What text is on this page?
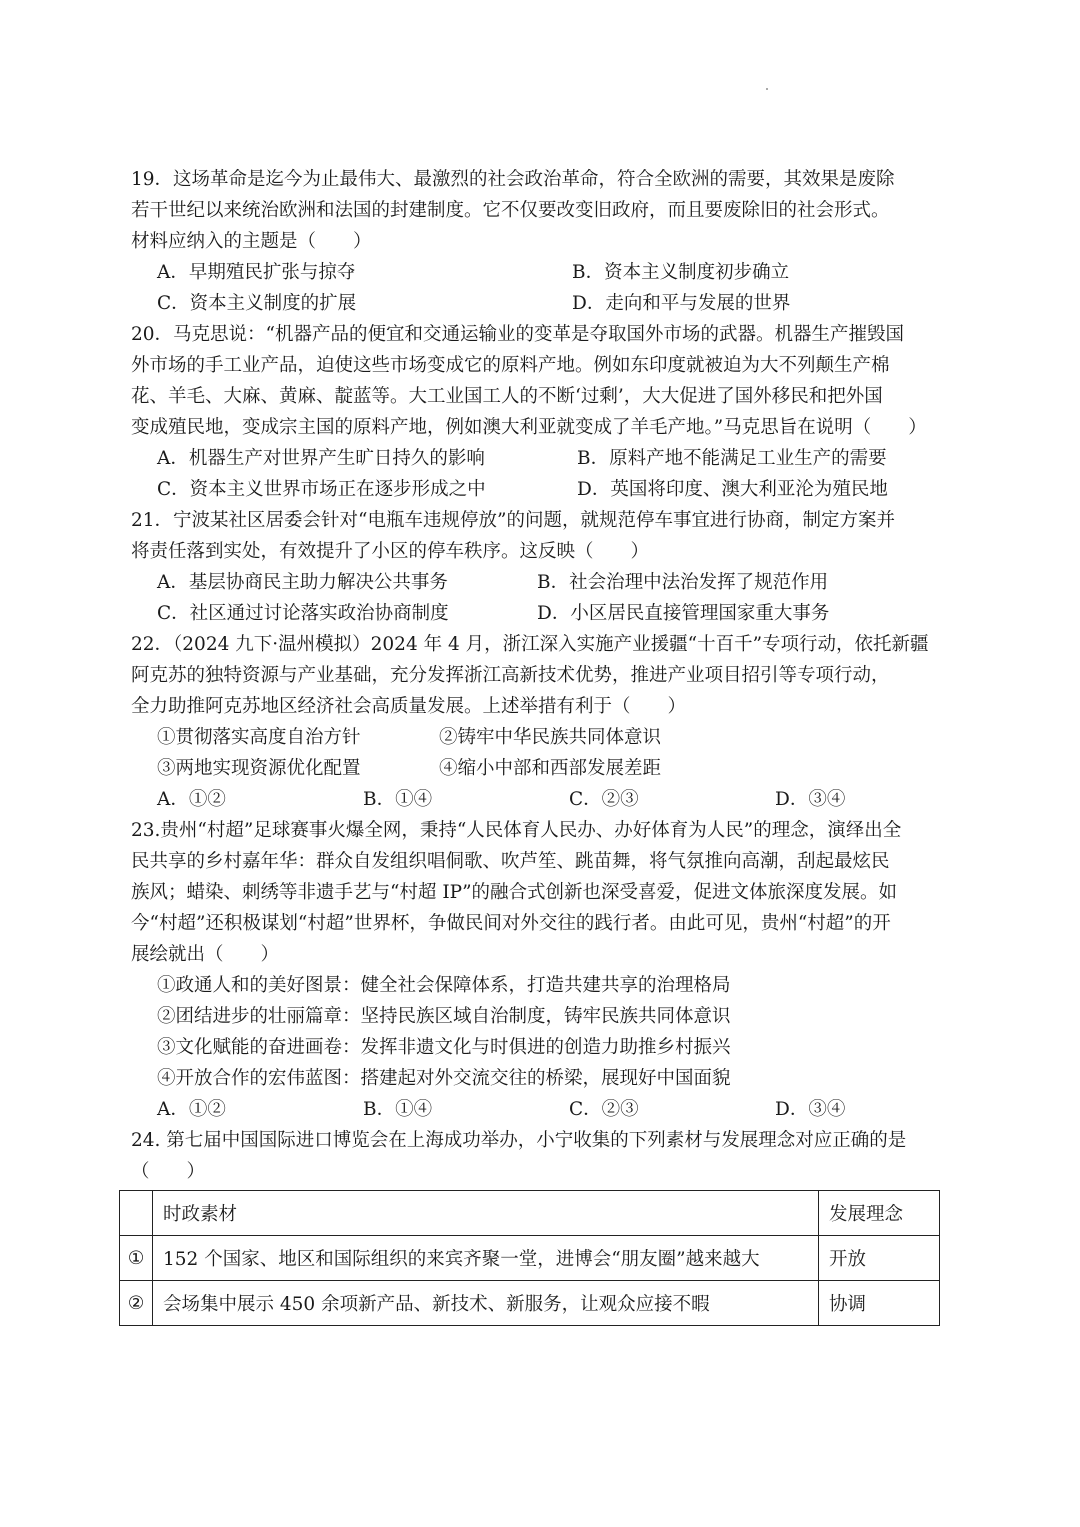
19．这场革命是迄今为止最伟大、最激烈的社会政治革命，符合全欧洲的需要，其效果是废除
若干世纪以来统治欧洲和法国的封建制度。它不仅要改变旧政府，而且要废除旧的社会形式。
材料应纳入的主题是（　　）
A．早期殖民扩张与掠夺	B．资本主义制度初步确立
C．资本主义制度的扩展	D．走向和平与发展的世界
20．马克思说：“机器产品的便宜和交通运输业的变革是夺取国外市场的武器。机器生产摧毁国
外市场的手工业产品，迫使这些市场变成它的原料产地。例如东印度就被迫为大不列颠生产棉
花、羊毛、大麻、黄麻、靛蓝等。大工业国工人的不断‘过剩’，大大促进了国外移民和把外国
变成殖民地，变成宗主国的原料产地，例如澳大利亚就变成了羊毛产地。”马克思旨在说明（　　）
A．机器生产对世界产生旷日持久的影响	B．原料产地不能满足工业生产的需要
C．资本主义世界市场正在逐步形成之中	D．英国将印度、澳大利亚沦为殖民地
21．宁波某社区居委会针对“电瓶车违规停放”的问题，就规范停车事宜进行协商，制定方案并
将责任落到实处，有效提升了小区的停车秩序。这反映（　　）
A．基层协商民主助力解决公共事务	B．社会治理中法治发挥了规范作用
C．社区通过讨论落实政治协商制度	D．小区居民直接管理国家重大事务
22．（2024 九下·温州模拟）2024 年 4 月，浙江深入实施产业援疆“十百千”专项行动，依托新疆
阿克苏的独特资源与产业基础，充分发挥浙江高新技术优势，推进产业项目招引等专项行动，
全力助推阿克苏地区经济社会高质量发展。上述举措有利于（　　）
①贯彻落实高度自治方针	②铸牢中华民族共同体意识
③两地实现资源优化配置	④缩小中部和西部发展差距
A．①②	B．①④	C．②③	D．③④
23.贵州“村超”足球赛事火爆全网，秉持“人民体育人民办、办好体育为人民”的理念，演绎出全
民共享的乡村嘉年华：群众自发组织唱侗歌、吹芦笙、跳苗舞，将气氛推向高潮，刮起最炫民
族风；蜡染、刺绣等非遗手艺与“村超 IP”的融合式创新也深受喜爱，促进文体旅深度发展。如
今“村超”还积极谋划“村超”世界杯，争做民间对外交往的践行者。由此可见，贵州“村超”的开
展绘就出（　　）
①政通人和的美好图景：健全社会保障体系，打造共建共享的治理格局
②团结进步的壮丽篇章：坚持民族区域自治制度，铸牢民族共同体意识
③文化赋能的奋进画卷：发挥非遗文化与时俱进的创造力助推乡村振兴
④开放合作的宏伟蓝图：搭建起对外交流交往的桥梁，展现好中国面貌
A．①②	B．①④	C．②③	D．③④
24. 第七届中国国际进口博览会在上海成功举办，小宁收集的下列素材与发展理念对应正确的是
（　　）
	时政素材	发展理念
①	152 个国家、地区和国际组织的来宾齐聚一堂，进博会“朋友圈”越来越大	开放
②	会场集中展示 450 余项新产品、新技术、新服务，让观众应接不暇	协调
